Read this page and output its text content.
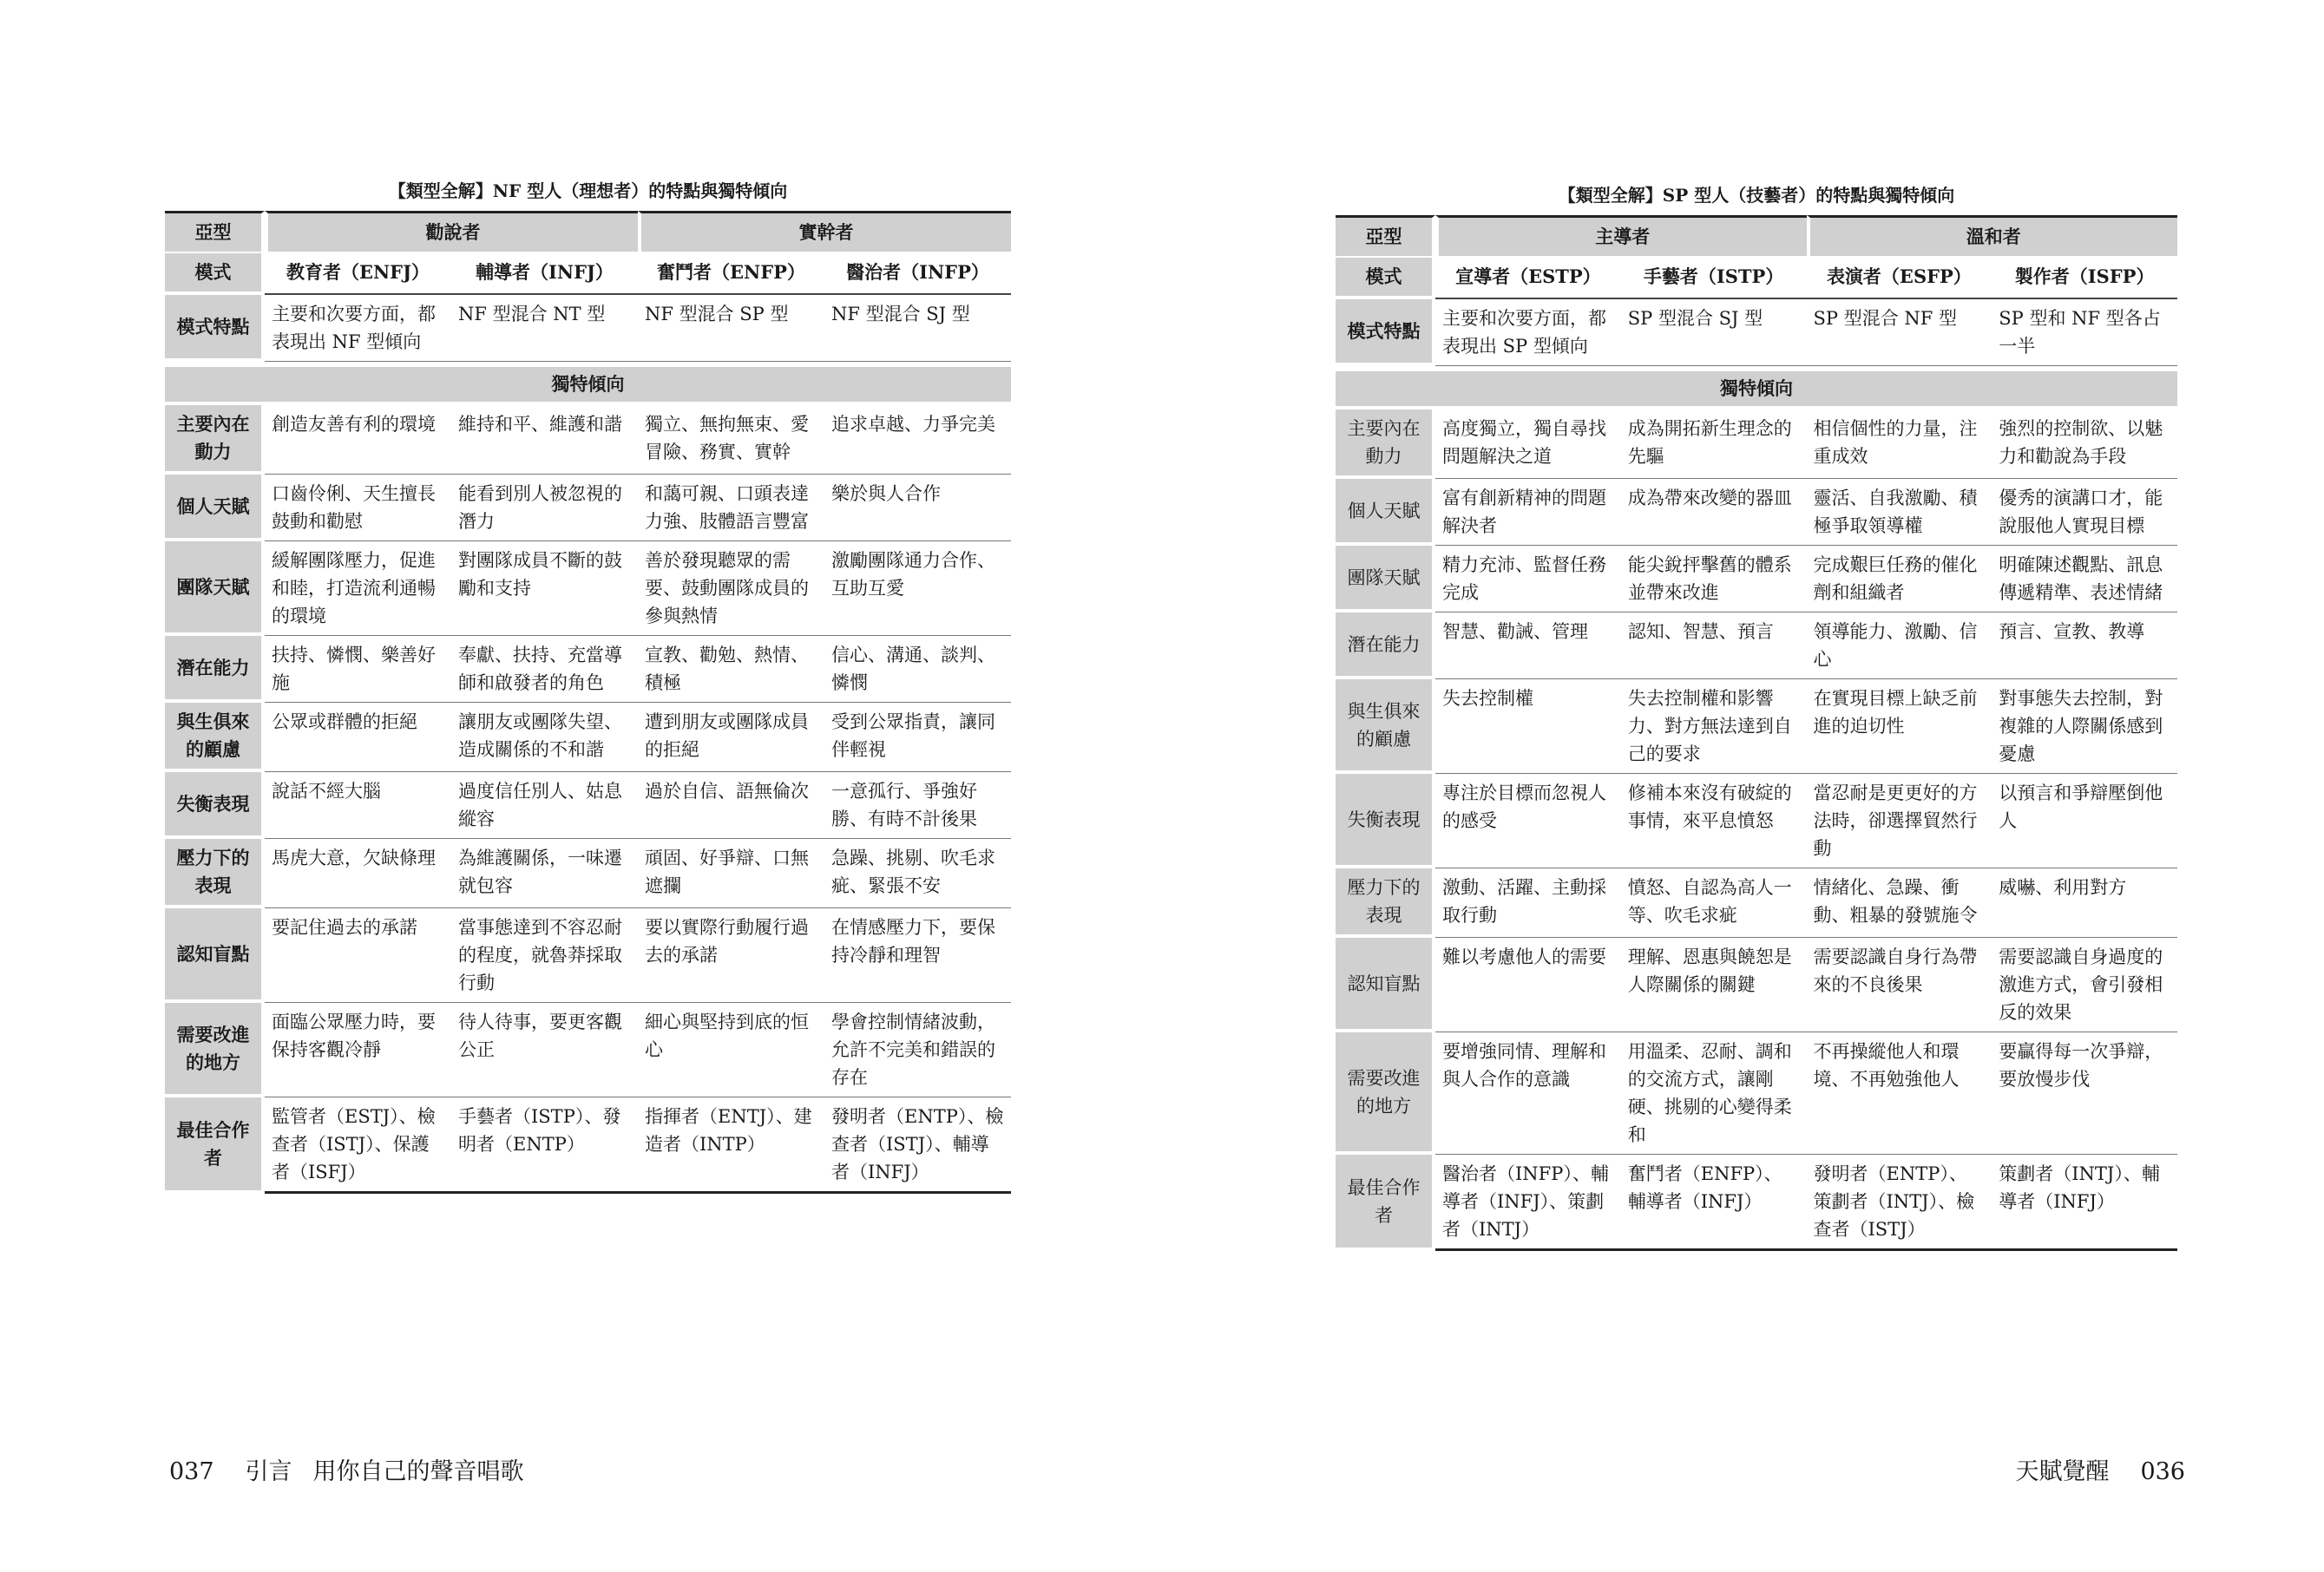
【類型全解】NF 型人（理想者）的特點與獨特傾向
亞型	勸說者		實幹者	
模式	教育者（ENFJ）	輔導者（INFJ）	奮鬥者（ENFP）	醫治者（INFP）
模式特點	主要和次要方面，都表現出 NF 型傾向	NF 型混合 NT 型	NF 型混合 SP 型	NF 型混合 SJ 型
獨特傾向				
主要內在動力	創造友善有利的環境	維持和平、維護和諧	獨立、無拘無束、愛冒險、務實、實幹	追求卓越、力爭完美
個人天賦	口齒伶俐、天生擅長鼓動和勸慰	能看到別人被忽視的潛力	和藹可親、口頭表達力強、肢體語言豐富	樂於與人合作
團隊天賦	緩解團隊壓力，促進和睦，打造流利通暢的環境	對團隊成員不斷的鼓勵和支持	善於發現聽眾的需要、鼓動團隊成員的參與熱情	激勵團隊通力合作、互助互愛
潛在能力	扶持、憐憫、樂善好施	奉獻、扶持、充當導師和啟發者的角色	宣教、勸勉、熱情、積極	信心、溝通、談判、憐憫
與生俱來的顧慮	公眾或群體的拒絕	讓朋友或團隊失望、造成關係的不和諧	遭到朋友或團隊成員的拒絕	受到公眾指責，讓同伴輕視
失衡表現	說話不經大腦	過度信任別人、姑息縱容	過於自信、語無倫次	一意孤行、爭強好勝、有時不計後果
壓力下的表現	馬虎大意，欠缺條理	為維護關係，一味遷就包容	頑固、好爭辯、口無遮攔	急躁、挑剔、吹毛求疵、緊張不安
認知盲點	要記住過去的承諾	當事態達到不容忍耐的程度，就魯莽採取行動	要以實際行動履行過去的承諾	在情感壓力下，要保持冷靜和理智
需要改進的地方	面臨公眾壓力時，要保持客觀冷靜	待人待事，要更客觀公正	細心與堅持到底的恒心	學會控制情緒波動，允許不完美和錯誤的存在
最佳合作者	監管者（ESTJ）、檢查者（ISTJ）、保護者（ISFJ）	手藝者（ISTP）、發明者（ENTP）	指揮者（ENTJ）、建造者（INTP）	發明者（ENTP）、檢查者（ISTJ）、輔導者（INFJ）
037 引言 用你自己的聲音唱歌
【類型全解】SP 型人（技藝者）的特點與獨特傾向
亞型	主導者		溫和者	
模式	宣導者（ESTP）	手藝者（ISTP）	表演者（ESFP）	製作者（ISFP）
模式特點	主要和次要方面，都表現出 SP 型傾向	SP 型混合 SJ 型	SP 型混合 NF 型	SP 型和 NF 型各占一半
獨特傾向				
主要內在動力	高度獨立，獨自尋找問題解決之道	成為開拓新生理念的先驅	相信個性的力量，注重成效	強烈的控制欲、以魅力和勸說為手段
個人天賦	富有創新精神的問題解決者	成為帶來改變的器皿	靈活、自我激勵、積極爭取領導權	優秀的演講口才，能說服他人實現目標
團隊天賦	精力充沛、監督任務完成	能尖銳抨擊舊的體系並帶來改進	完成艱巨任務的催化劑和組織者	明確陳述觀點、訊息傳遞精準、表述情緒
潛在能力	智慧、勸誡、管理	認知、智慧、預言	領導能力、激勵、信心	預言、宣教、教導
與生俱來的顧慮	失去控制權	失去控制權和影響力、對方無法達到自己的要求	在實現目標上缺乏前進的迫切性	對事態失去控制，對複雜的人際關係感到憂慮
失衡表現	專注於目標而忽視人的感受	修補本來沒有破綻的事情，來平息憤怒	當忍耐是更更好的方法時，卻選擇貿然行動	以預言和爭辯壓倒他人
壓力下的表現	激動、活躍、主動採取行動	憤怒、自認為高人一等、吹毛求疵	情緒化、急躁、衝動、粗暴的發號施令	威嚇、利用對方
認知盲點	難以考慮他人的需要	理解、恩惠與饒恕是人際關係的關鍵	需要認識自身行為帶來的不良後果	需要認識自身過度的激進方式，會引發相反的效果
需要改進的地方	要增強同情、理解和與人合作的意識	用溫柔、忍耐、調和的交流方式，讓剛硬、挑剔的心變得柔和	不再操縱他人和環境、不再勉強他人	要贏得每一次爭辯，要放慢步伐
最佳合作者	醫治者（INFP）、輔導者（INFJ）、策劃者（INTJ）	奮鬥者（ENFP）、輔導者（INFJ）	發明者（ENTP）、策劃者（INTJ）、檢查者（ISTJ）	策劃者（INTJ）、輔導者（INFJ）
天賦覺醒 036
